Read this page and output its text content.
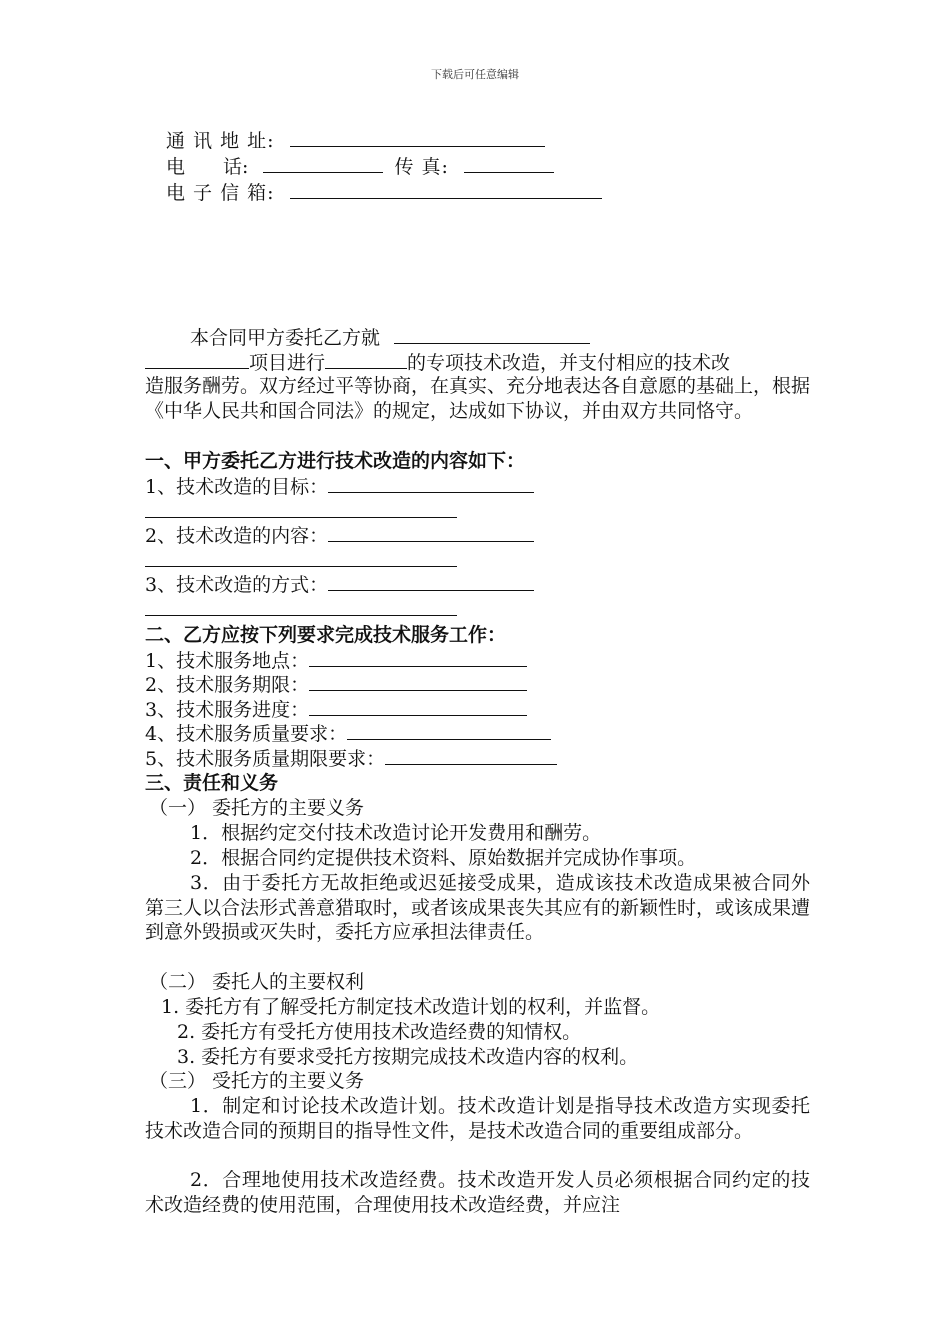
下载后可任意编辑
通 讯 地 址:
电　　话:	传 真:
电 子 信 箱:
本合同甲方委托乙方就
项目进行	的专项技术改造，并支付相应的技术改
造服务酬劳。双方经过平等协商，在真实、充分地表达各自意愿的基础上，根据《中华人民共和国合同法》的规定，达成如下协议，并由双方共同恪守。
一、甲方委托乙方进行技术改造的内容如下：
1、技术改造的目标：
2、技术改造的内容：
3、技术改造的方式：
二、乙方应按下列要求完成技术服务工作：
1、技术服务地点：
2、技术服务期限：
3、技术服务进度：
4、技术服务质量要求：
5、技术服务质量期限要求：
三、责任和义务
（一） 委托方的主要义务
1．根据约定交付技术改造讨论开发费用和酬劳。
2．根据合同约定提供技术资料、原始数据并完成协作事项。
3．由于委托方无故拒绝或迟延接受成果，造成该技术改造成果被合同外第三人以合法形式善意猎取时，或者该成果丧失其应有的新颖性时，或该成果遭到意外毁损或灭失时，委托方应承担法律责任。
（二） 委托人的主要权利
1. 委托方有了解受托方制定技术改造计划的权利，并监督。
2. 委托方有受托方使用技术改造经费的知情权。
3. 委托方有要求受托方按期完成技术改造内容的权利。
（三） 受托方的主要义务
1．制定和讨论技术改造计划。技术改造计划是指导技术改造方实现委托技术改造合同的预期目的指导性文件，是技术改造合同的重要组成部分。
2．合理地使用技术改造经费。技术改造开发人员必须根据合同约定的技术改造经费的使用范围，合理使用技术改造经费，并应注
